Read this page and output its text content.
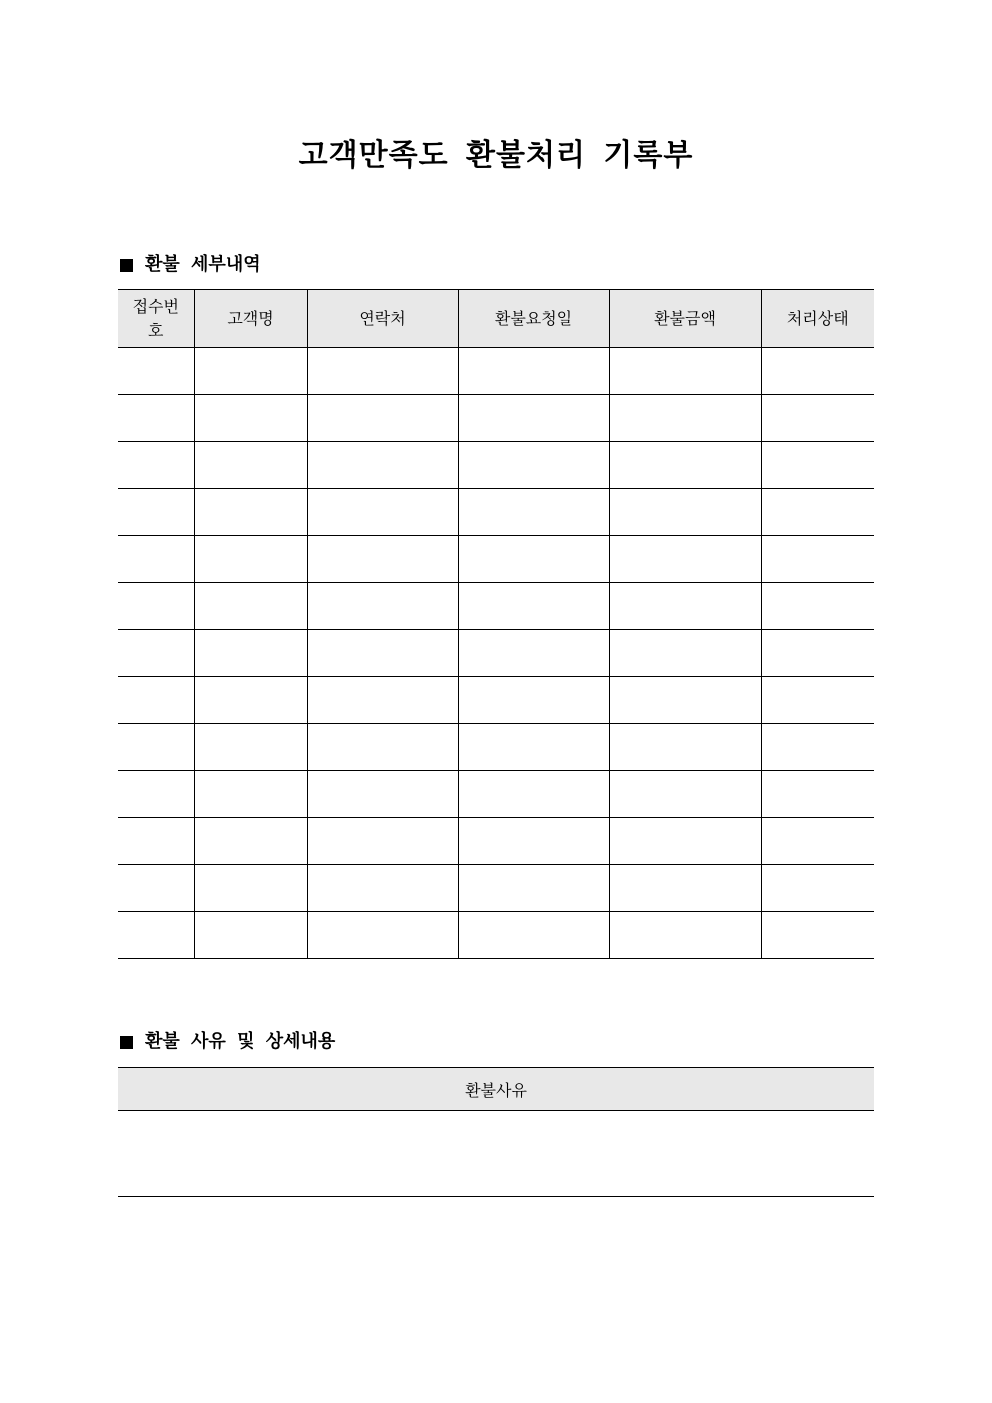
고객만족도 환불처리 기록부
환불 세부내역
접수번호	고객명	연락처	환불요청일	환불금액	처리상태

환불 사유 및 상세내용
환불사유
